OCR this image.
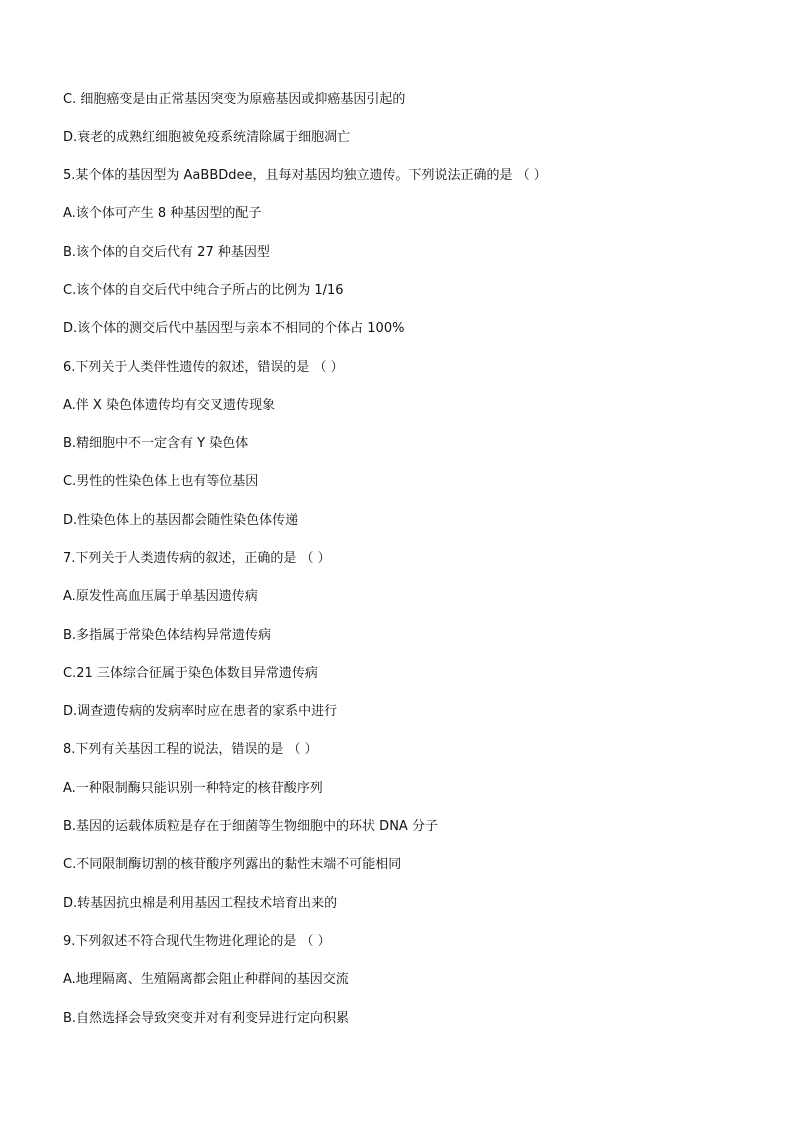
C. 细胞癌变是由正常基因突变为原癌基因或抑癌基因引起的
D.衰老的成熟红细胞被免疫系统清除属于细胞凋亡
5.某个体的基因型为 AaBBDdee，且每对基因均独立遗传。下列说法正确的是 （ ）
A.该个体可产生 8 种基因型的配子
B.该个体的自交后代有 27 种基因型
C.该个体的自交后代中纯合子所占的比例为 1/16
D.该个体的测交后代中基因型与亲本不相同的个体占 100%
6.下列关于人类伴性遗传的叙述，错误的是 （ ）
A.伴 X 染色体遗传均有交叉遗传现象
B.精细胞中不一定含有 Y 染色体
C.男性的性染色体上也有等位基因
D.性染色体上的基因都会随性染色体传递
7.下列关于人类遗传病的叙述，正确的是 （ ）
A.原发性高血压属于单基因遗传病
B.多指属于常染色体结构异常遗传病
C.21 三体综合征属于染色体数目异常遗传病
D.调查遗传病的发病率时应在患者的家系中进行
8.下列有关基因工程的说法，错误的是 （ ）
A.一种限制酶只能识别一种特定的核苷酸序列
B.基因的运载体质粒是存在于细菌等生物细胞中的环状 DNA 分子
C.不同限制酶切割的核苷酸序列露出的黏性末端不可能相同
D.转基因抗虫棉是利用基因工程技术培育出来的
9.下列叙述不符合现代生物进化理论的是 （ ）
A.地理隔离、生殖隔离都会阻止种群间的基因交流
B.自然选择会导致突变并对有利变异进行定向积累
